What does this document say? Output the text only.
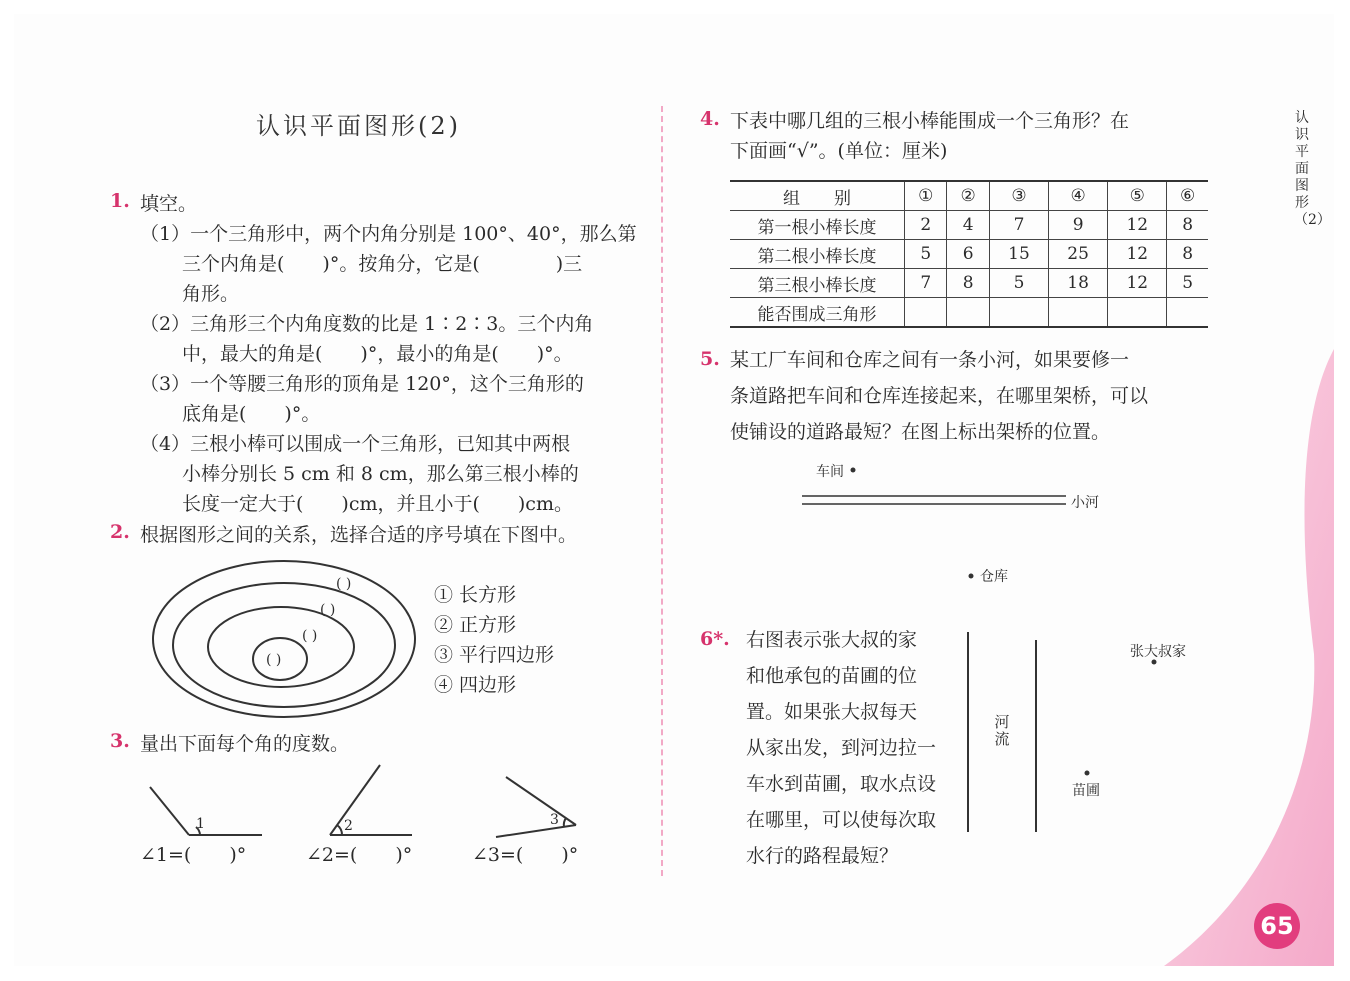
认识平面图形(2)
1. 填空。
（1）一个三角形中，两个内角分别是 100°、40°，那么第
三个内角是(　　)°。按角分，它是(　　　　)三
角形。
（2）三角形三个内角度数的比是 1∶2∶3。三个内角
中，最大的角是(　　)°，最小的角是(　　)°。
（3）一个等腰三角形的顶角是 120°，这个三角形的
底角是(　　)°。
（4）三根小棒可以围成一个三角形，已知其中两根
小棒分别长 5 cm 和 8 cm，那么第三根小棒的
长度一定大于(　　)cm，并且小于(　　)cm。
2. 根据图形之间的关系，选择合适的序号填在下图中。
( )
( )
( )
( )
① 长方形
② 正方形
③ 平行四边形
④ 四边形
3. 量出下面每个角的度数。
1	2	3
∠1=(　　)°	∠2=(　　)°	∠3=(　　)°
4. 下表中哪几组的三根小棒能围成一个三角形？在
下面画“√”。(单位：厘米)
组　　别	①	②	③	④	⑤	⑥
第一根小棒长度	2	4	7	9	12	8
第二根小棒长度	5	6	15	25	12	8
第三根小棒长度	7	8	5	18	12	5
能否围成三角形						
5. 某工厂车间和仓库之间有一条小河，如果要修一
条道路把车间和仓库连接起来，在哪里架桥，可以
使铺设的道路最短？在图上标出架桥的位置。
车间
小河
仓库
6*. 右图表示张大叔的家
和他承包的苗圃的位
置。如果张大叔每天
从家出发，到河边拉一
车水到苗圃，取水点设
在哪里，可以使每次取
水行的路程最短？
河流
张大叔家
苗圃
认识平面图形（2）
65
